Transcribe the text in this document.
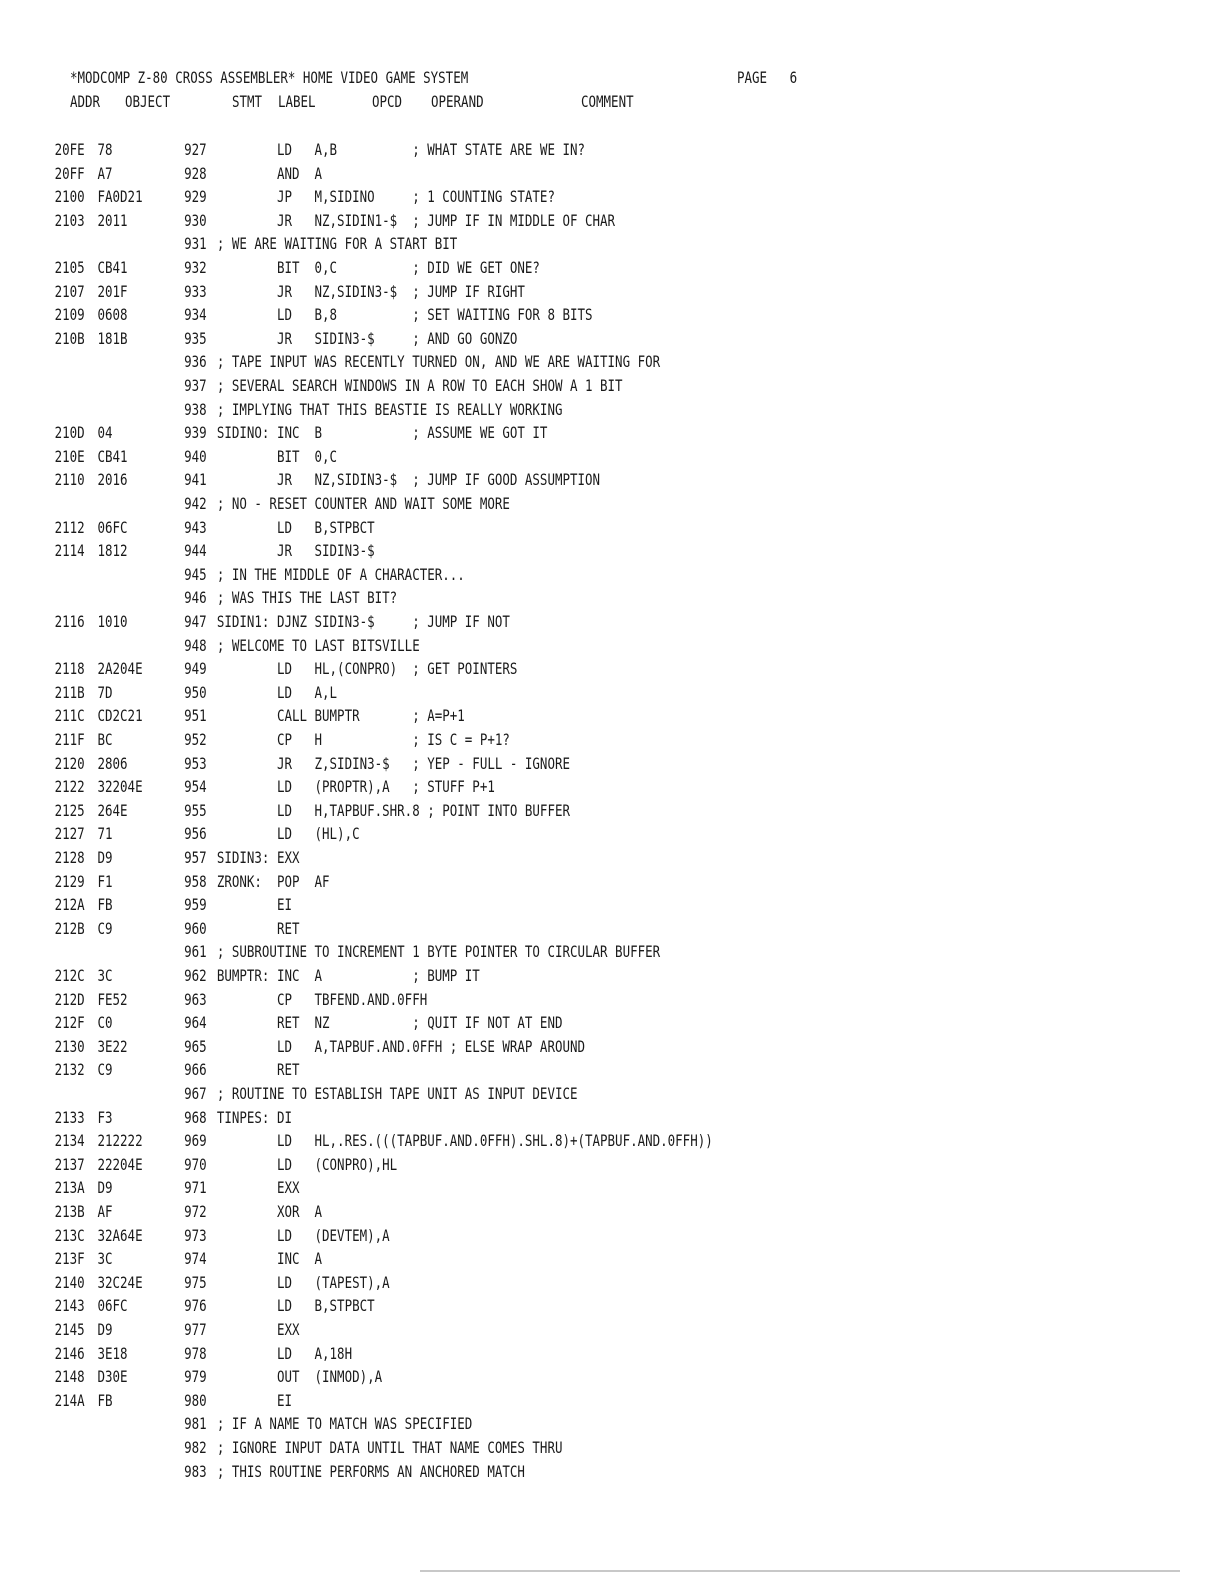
*MODCOMP Z-80 CROSS ASSEMBLER* HOME VIDEO GAME SYSTEM	PAGE   6
ADDR OBJECT	STMT LABEL	OPCD OPERAND	COMMENT
20FE 78	927 LD   A,B          ; WHAT STATE ARE WE IN?
20FF A7	928 AND  A
2100 FA0D21	929 JP   M,SIDINO     ; 1 COUNTING STATE?
2103 2011	930 JR   NZ,SIDIN1-$  ; JUMP IF IN MIDDLE OF CHAR
931 ; WE ARE WAITING FOR A START BIT
2105 CB41	932 BIT  0,C          ; DID WE GET ONE?
2107 201F	933 JR   NZ,SIDIN3-$  ; JUMP IF RIGHT
2109 0608	934 LD   B,8          ; SET WAITING FOR 8 BITS
210B 181B	935 JR   SIDIN3-$     ; AND GO GONZO
936 ; TAPE INPUT WAS RECENTLY TURNED ON, AND WE ARE WAITING FOR
937 ; SEVERAL SEARCH WINDOWS IN A ROW TO EACH SHOW A 1 BIT
938 ; IMPLYING THAT THIS BEASTIE IS REALLY WORKING
210D 04	939 SIDINO: INC  B            ; ASSUME WE GOT IT
210E CB41	940 BIT  0,C
2110 2016	941 JR   NZ,SIDIN3-$  ; JUMP IF GOOD ASSUMPTION
942 ; NO - RESET COUNTER AND WAIT SOME MORE
2112 06FC	943 LD   B,STPBCT
2114 1812	944 JR   SIDIN3-$
945 ; IN THE MIDDLE OF A CHARACTER...
946 ; WAS THIS THE LAST BIT?
2116 1010	947 SIDIN1: DJNZ SIDIN3-$     ; JUMP IF NOT
948 ; WELCOME TO LAST BITSVILLE
2118 2A204E	949 LD   HL,(CONPRO)  ; GET POINTERS
211B 7D	950 LD   A,L
211C CD2C21	951 CALL BUMPTR       ; A=P+1
211F BC	952 CP   H            ; IS C = P+1?
2120 2806	953 JR   Z,SIDIN3-$   ; YEP - FULL - IGNORE
2122 32204E	954 LD   (PROPTR),A   ; STUFF P+1
2125 264E	955 LD   H,TAPBUF.SHR.8 ; POINT INTO BUFFER
2127 71	956 LD   (HL),C
2128 D9	957 SIDIN3: EXX
2129 F1	958 ZRONK:  POP  AF
212A FB	959 EI
212B C9	960 RET
961 ; SUBROUTINE TO INCREMENT 1 BYTE POINTER TO CIRCULAR BUFFER
212C 3C	962 BUMPTR: INC  A            ; BUMP IT
212D FE52	963 CP   TBFEND.AND.0FFH
212F C0	964 RET  NZ           ; QUIT IF NOT AT END
2130 3E22	965 LD   A,TAPBUF.AND.0FFH ; ELSE WRAP AROUND
2132 C9	966 RET
967 ; ROUTINE TO ESTABLISH TAPE UNIT AS INPUT DEVICE
2133 F3	968 TINPES: DI
2134 212222	969 LD   HL,.RES.(((TAPBUF.AND.0FFH).SHL.8)+(TAPBUF.AND.0FFH))
2137 22204E	970 LD   (CONPRO),HL
213A D9	971 EXX
213B AF	972 XOR  A
213C 32A64E	973 LD   (DEVTEM),A
213F 3C	974 INC  A
2140 32C24E	975 LD   (TAPEST),A
2143 06FC	976 LD   B,STPBCT
2145 D9	977 EXX
2146 3E18	978 LD   A,18H
2148 D30E	979 OUT  (INMOD),A
214A FB	980 EI
981 ; IF A NAME TO MATCH WAS SPECIFIED
982 ; IGNORE INPUT DATA UNTIL THAT NAME COMES THRU
983 ; THIS ROUTINE PERFORMS AN ANCHORED MATCH
